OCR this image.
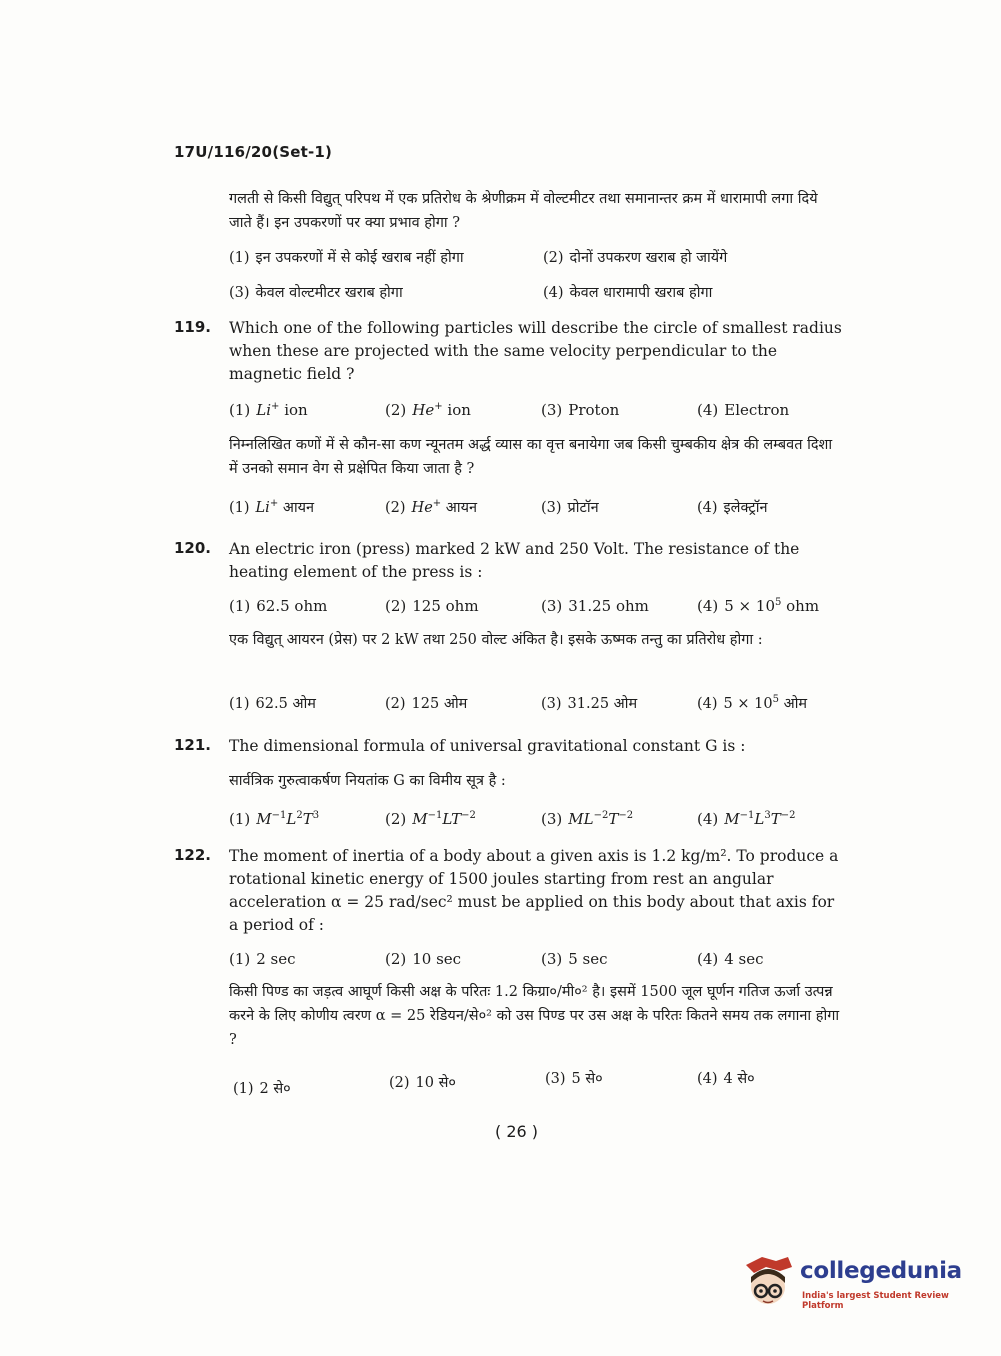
17U/116/20(Set-1)
गलती से किसी विद्युत् परिपथ में एक प्रतिरोध के श्रेणीक्रम में वोल्टमीटर तथा समानान्तर क्रम में धारामापी लगा दिये जाते हैं। इन उपकरणों पर क्या प्रभाव होगा ?
(1) इन उपकरणों में से कोई खराब नहीं होगा	(2) दोनों उपकरण खराब हो जायेंगे
(3) केवल वोल्टमीटर खराब होगा	(4) केवल धारामापी खराब होगा
119. Which one of the following particles will describe the circle of smallest radius when these are projected with the same velocity perpendicular to the magnetic field ?
(1) Li+ ion	(2) He+ ion	(3) Proton	(4) Electron
निम्नलिखित कणों में से कौन-सा कण न्यूनतम अर्द्ध व्यास का वृत्त बनायेगा जब किसी चुम्बकीय क्षेत्र की लम्बवत दिशा में उनको समान वेग से प्रक्षेपित किया जाता है ?
(1) Li+ आयन	(2) He+ आयन	(3) प्रोटॉन	(4) इलेक्ट्रॉन
120. An electric iron (press) marked 2 kW and 250 Volt. The resistance of the heating element of the press is :
(1) 62.5 ohm	(2) 125 ohm	(3) 31.25 ohm	(4) $5 \times 10^5$ ohm
एक विद्युत् आयरन (प्रेस) पर 2 kW तथा 250 वोल्ट अंकित है। इसके ऊष्मक तन्तु का प्रतिरोध होगा :
(1) 62.5 ओम	(2) 125 ओम	(3) 31.25 ओम	(4) $5 \times 10^5$ ओम
121. The dimensional formula of universal gravitational constant G is :
सार्वत्रिक गुरुत्वाकर्षण नियतांक G का विमीय सूत्र है :
(1) $M^{-1}L^2T^3$	(2) $M^{-1}LT^{-2}$	(3) $ML^{-2}T^{-2}$	(4) $M^{-1}L^3T^{-2}$
122. The moment of inertia of a body about a given axis is 1.2 kg/m². To produce a rotational kinetic energy of 1500 joules starting from rest an angular acceleration α = 25 rad/sec² must be applied on this body about that axis for a period of :
(1) 2 sec	(2) 10 sec	(3) 5 sec	(4) 4 sec
किसी पिण्ड का जड़त्व आघूर्ण किसी अक्ष के परितः 1.2 किग्रा०/मी०² है। इसमें 1500 जूल घूर्णन गतिज ऊर्जा उत्पन्न करने के लिए कोणीय त्वरण α = 25 रेडियन/से०² को उस पिण्ड पर उस अक्ष के परितः कितने समय तक लगाना होगा ?
(1) 2 से०	(2) 10 से०	(3) 5 से०	(4) 4 से०
( 26 )
collegedunia
India's largest Student Review Platform
